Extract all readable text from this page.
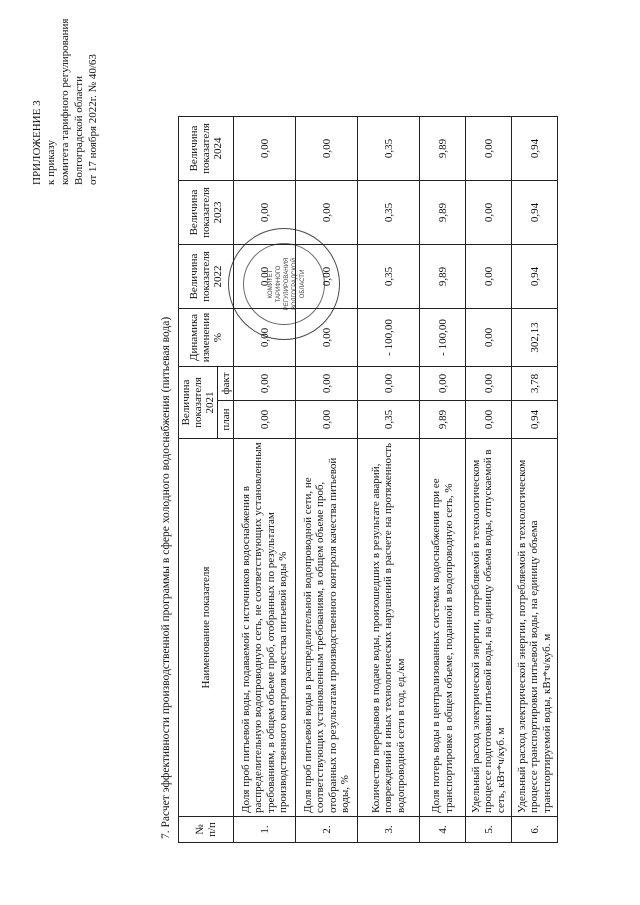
ПРИЛОЖЕНИЕ 3 к приказу комитета тарифного регулирования Волгоградской области от 17 ноября 2022г. № 40/63
КОМИТЕТ ТАРИФНОГО РЕГУЛИРОВАНИЯ ВОЛГОГРАДСКОЙ ОБЛАСТИ
7. Расчет эффективности производственной программы в сфере холодного водоснабжения (питьевая вода) № п/п	Наименование показателя	Величина показателя 2021		Динамика изменения %	Величина показателя 2022	Величина показателя 2023	Величина показателя 2024
		план	факт				
1.	Доля проб питьевой воды, подаваемой с источников водоснабжения в распределительную водопроводную сеть, не соответствующих установленным требованиям, в общем объеме проб, отобранных по результатам производственного контроля качества питьевой воды %	0,00	0,00	0,00	0,00	0,00	0,00
2.	Доля проб питьевой воды в распределительной водопроводной сети, не соответствующих установленным требованиям, в общем объеме проб, отобранных по результатам производственного контроля качества питьевой воды, %	0,00	0,00	0,00	0,00	0,00	0,00
3.	Количество перерывов в подаче воды, произошедших в результате аварий, повреждений и иных технологических нарушений в расчете на протяженность водопроводной сети в год, ед./км	0,35	0,00	- 100,00	0,35	0,35	0,35
4.	Доля потерь воды в централизованных системах водоснабжения при ее транспортировке в общем объеме, поданной в водопроводную сеть, %	9,89	0,00	- 100,00	9,89	9,89	9,89
5.	Удельный расход электрической энергии, потребляемой в технологическом процессе подготовки питьевой воды, на единицу объема воды, отпускаемой в сеть, кВт*ч/куб. м	0,00	0,00	0,00	0,00	0,00	0,00
6.	Удельный расход электрической энергии, потребляемой в технологическом процессе транспортировки питьевой воды, на единицу объема транспортируемой воды, кВт*ч/куб. м	0,94	3,78	302,13	0,94	0,94	0,94
